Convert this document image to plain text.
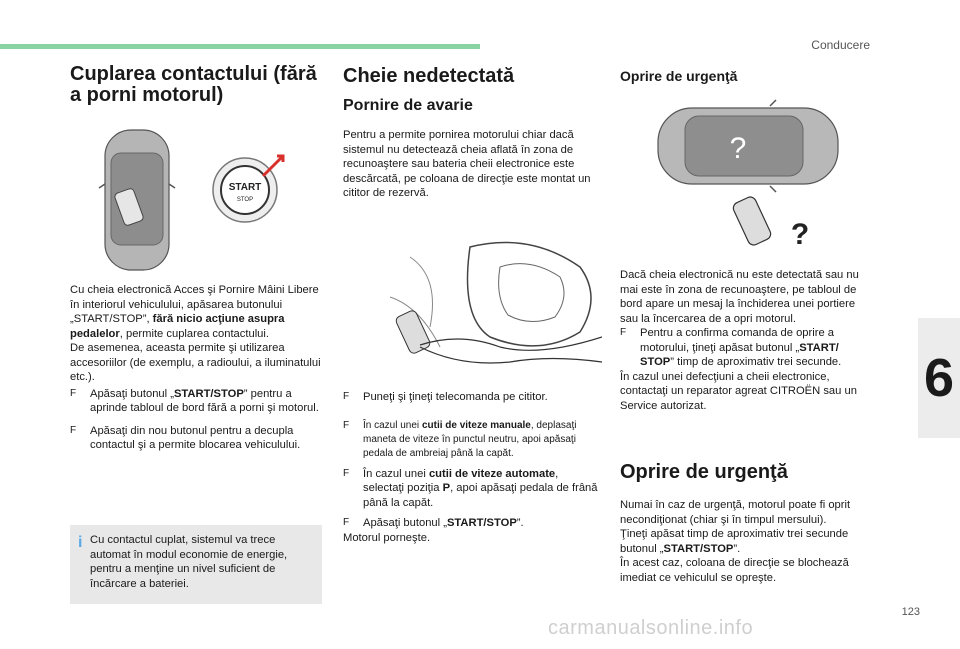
Conducere
6
123
carmanualsonline.info
Cuplarea contactului (fără a porni motorul)
START
STOP

Cu cheia electronică Acces şi Pornire Mâini Libere în interiorul vehiculului, apăsarea butonului „START/STOP”, fără nicio acţiune asupra pedalelor, permite cuplarea contactului.

De asemenea, aceasta permite şi utilizarea accesoriilor (de exemplu, a radioului, a iluminatului etc.).

F	Apăsaţi butonul „START/STOP” pentru a aprinde tabloul de bord fără a porni şi motorul.
F	Apăsaţi din nou butonul pentru a decupla contactul şi a permite blocarea vehiculului.
i Cu contactul cuplat, sistemul va trece automat în modul economie de energie, pentru a menţine un nivel suficient de încărcare a bateriei.

Cheie nedetectată
Pornire de avarie

Pentru a permite pornirea motorului chiar dacă sistemul nu detectează cheia aflată în zona de recunoaştere sau bateria cheii electronice este descărcată, pe coloana de direcţie este montat un cititor de rezervă.

F	Puneţi şi ţineţi telecomanda pe cititor.
F	În cazul unei cutii de viteze manuale, deplasaţi maneta de viteze în punctul neutru, apoi apăsaţi pedala de ambreiaj până la capăt.
F	În cazul unei cutii de viteze automate, selectaţi poziţia P, apoi apăsaţi pedala de frână până la capăt.
F	Apăsaţi butonul „START/STOP”.

Motorul porneşte.

Oprire de urgenţă
?
?

Dacă cheia electronică nu este detectată sau nu mai este în zona de recunoaştere, pe tabloul de bord apare un mesaj la închiderea unei portiere sau la încercarea de a opri motorul.

F	Pentru a confirma comanda de oprire a motorului, ţineţi apăsat butonul „START/ STOP” timp de aproximativ trei secunde.

În cazul unei defecţiuni a cheii electronice, contactaţi un reparator agreat CITROËN sau un Service autorizat.

Oprire de urgenţă

Numai în caz de urgenţă, motorul poate fi oprit necondiţionat (chiar şi în timpul mersului).

Ţineţi apăsat timp de aproximativ trei secunde butonul „START/STOP”.

În acest caz, coloana de direcţie se blochează imediat ce vehiculul se opreşte.
